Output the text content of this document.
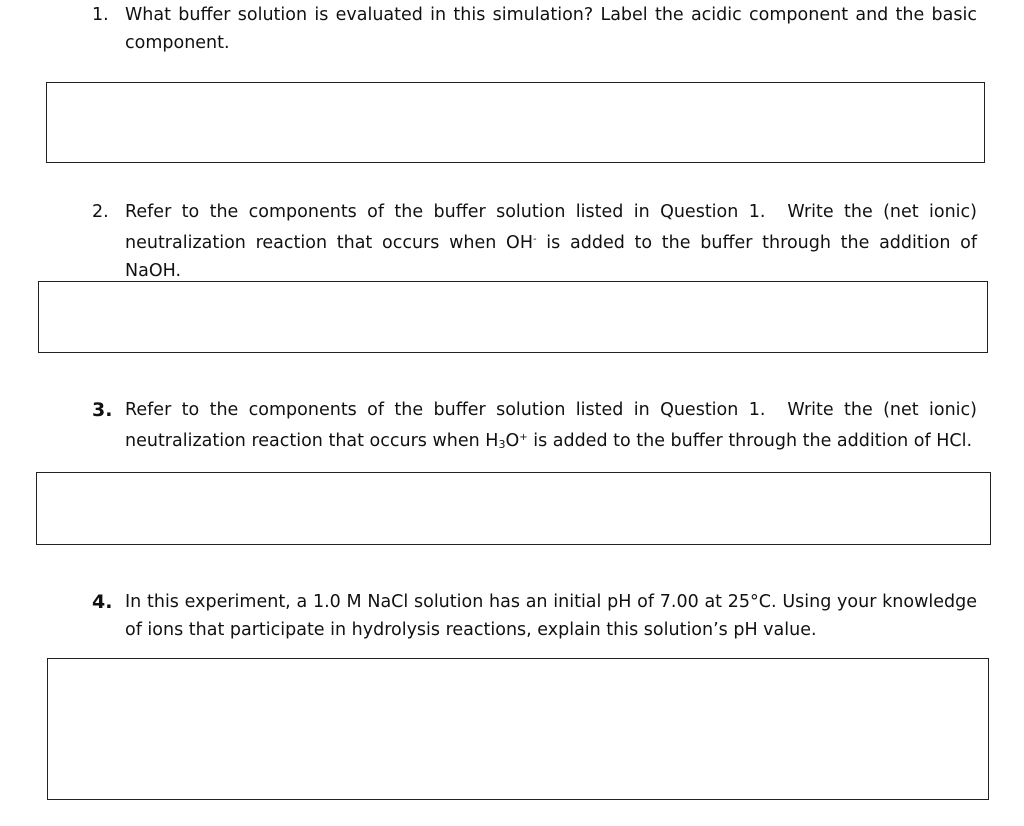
1. What buffer solution is evaluated in this simulation? Label the acidic component and the basic component.
2. Refer to the components of the buffer solution listed in Question 1. Write the (net ionic) neutralization reaction that occurs when OH- is added to the buffer through the addition of NaOH.
3. Refer to the components of the buffer solution listed in Question 1. Write the (net ionic) neutralization reaction that occurs when H3O+ is added to the buffer through the addition of HCl.
4. In this experiment, a 1.0 M NaCl solution has an initial pH of 7.00 at 25°C. Using your knowledge of ions that participate in hydrolysis reactions, explain this solution’s pH value.
